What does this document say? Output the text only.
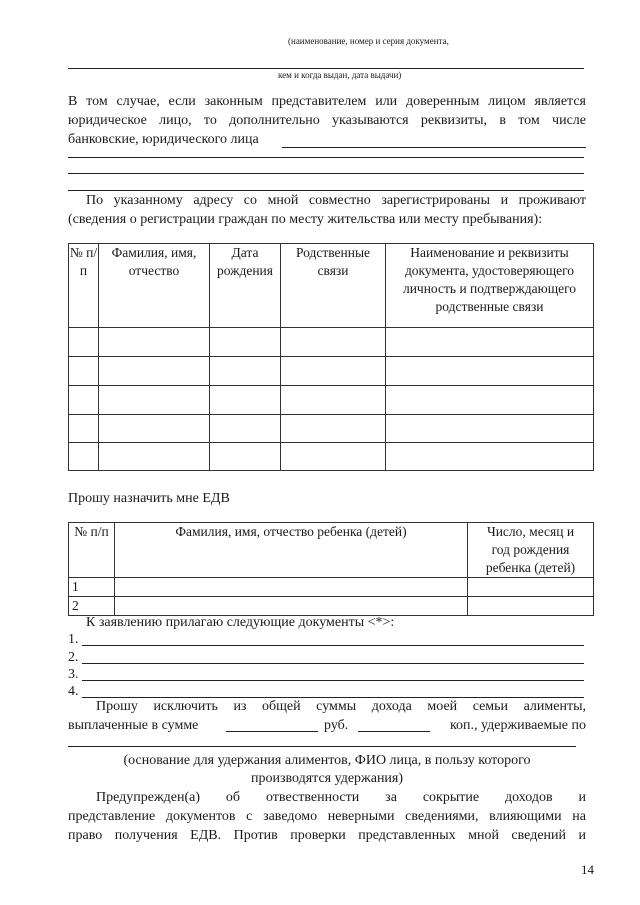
(наименование, номер и серия документа,
кем и когда выдан, дата выдачи)
В том случае, если законным представителем или доверенным лицом является
юридическое лицо, то дополнительно указываются реквизиты, в том числе
банковские, юридического лица
По указанному адресу со мной совместно зарегистрированы и проживают
(сведения о регистрации граждан по месту жительства или месту пребывания):
№ п/п	Фамилия, имя, отчество	Дата рождения	Родственные связи	Наименование и реквизиты документа, удостоверяющего личность и подтверждающего родственные связи

Прошу назначить мне ЕДВ
№ п/п	Фамилия, имя, отчество ребенка (детей)	Число, месяц и год рождения ребенка (детей)
1		
2		
К заявлению прилагаю следующие документы <*>:
1.
2.
3.
4.
Прошу исключить из общей суммы дохода моей семьи алименты,
выплаченные в сумме	руб.	коп., удерживаемые по
(основание для удержания алиментов, ФИО лица, в пользу которого
производятся удержания)
Предупрежден(а) об отвественности за сокрытие доходов и
представление документов с заведомо неверными сведениями, влияющими на
право получения ЕДВ. Против проверки представленных мной сведений и
14
